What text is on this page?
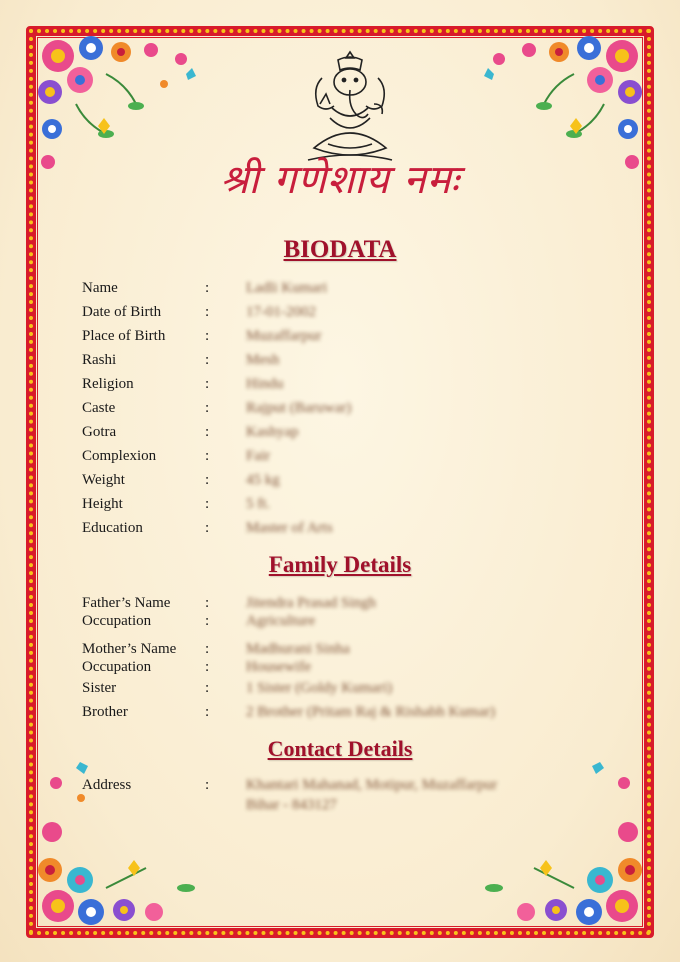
श्री गणेशाय नमः
BIODATA
Name	: Ladli Kumari
Date of Birth	: 17-01-2002
Place of Birth	: Muzaffarpur
Rashi	: Mesh
Religion	: Hindu
Caste	: Rajput (Baruwar)
Gotra	: Kashyap
Complexion	: Fair
Weight	: 45 kg
Height	: 5 ft.
Education	: Master of Arts
Family Details
Father’s Name : Jitendra Prasad Singh
Occupation	: Agriculture
Mother’s Name : Madhurani Sinha
Occupation	: Housewife
Sister	: 1 Sister (Goldy Kumari)
Brother	: 2 Brother (Pritam Raj & Rishabh Kumar)
Contact Details
Address	: Khantari Mahanad, Motipur, Muzaffarpur
Bihar - 843127
